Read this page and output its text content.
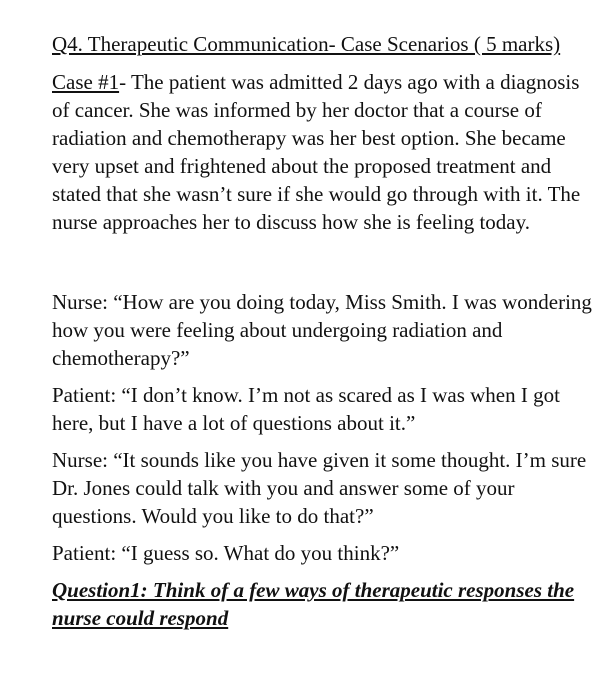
Q4. Therapeutic Communication- Case Scenarios ( 5 marks)

Case #1- The patient was admitted 2 days ago with a diagnosis of cancer. She was informed by her doctor that a course of radiation and chemotherapy was her best option. She became very upset and frightened about the proposed treatment and stated that she wasn’t sure if she would go through with it. The nurse approaches her to discuss how she is feeling today.

Nurse: “How are you doing today, Miss Smith. I was wondering how you were feeling about undergoing radiation and chemotherapy?”

Patient: “I don’t know. I’m not as scared as I was when I got here, but I have a lot of questions about it.”

Nurse: “It sounds like you have given it some thought. I’m sure Dr. Jones could talk with you and answer some of your questions. Would you like to do that?”

Patient: “I guess so. What do you think?”

Question1: Think of a few ways of therapeutic responses the nurse could respond
